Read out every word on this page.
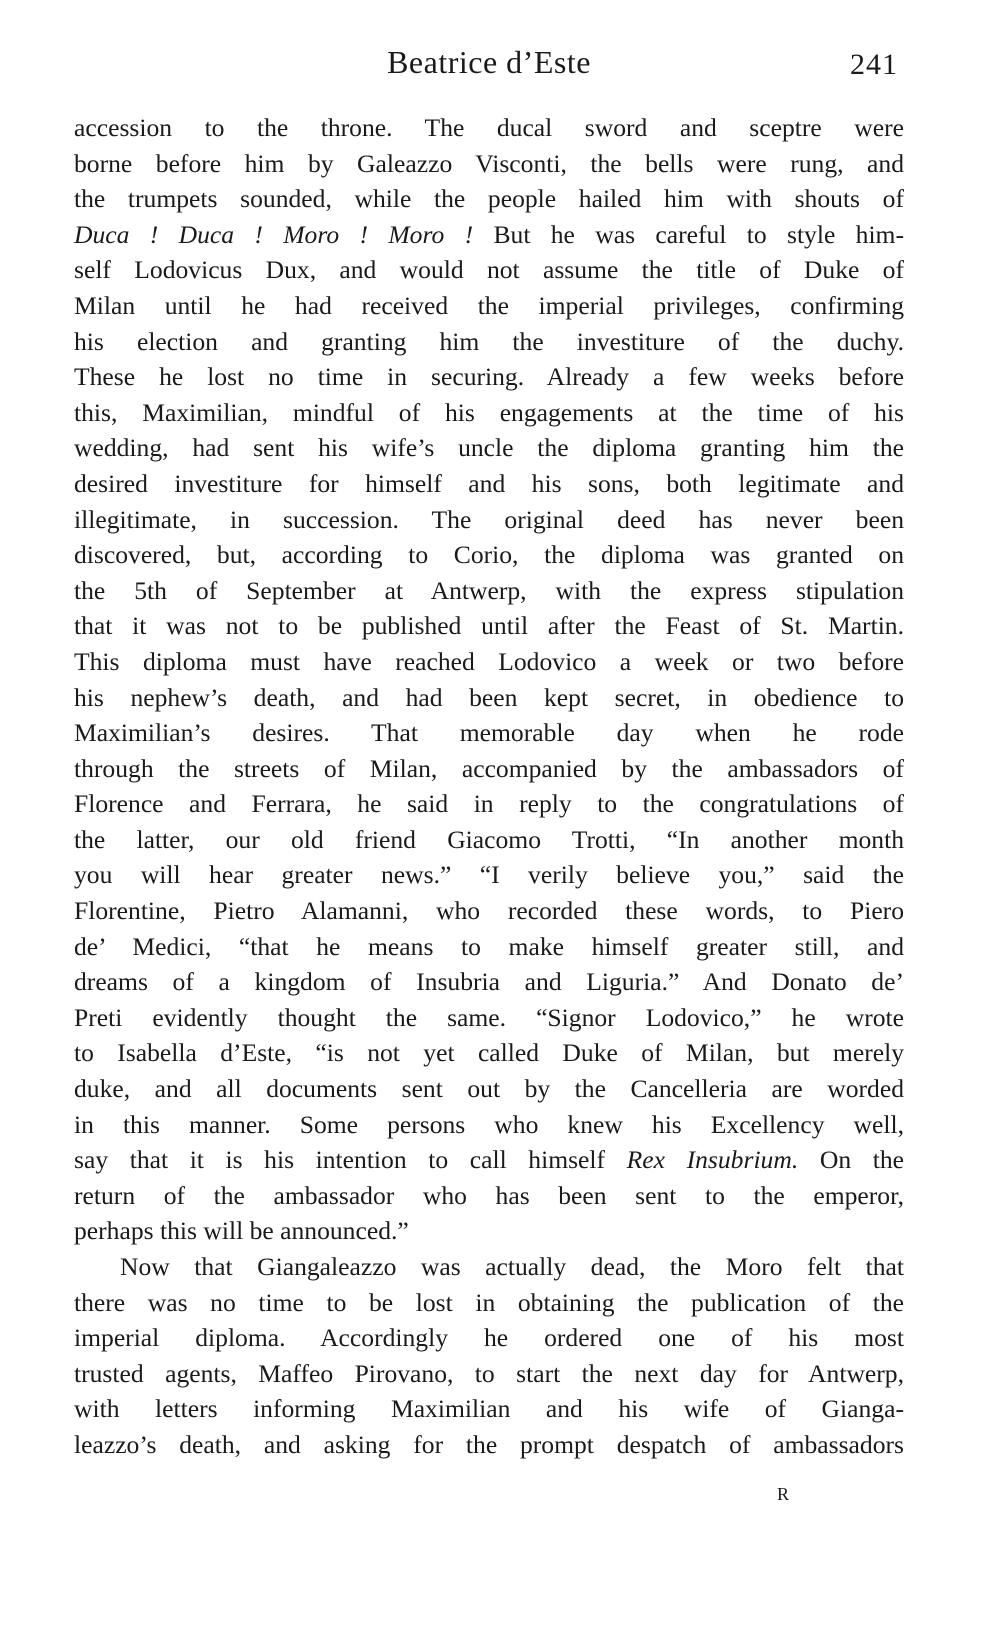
Beatrice d’Este	241
accession to the throne. The ducal sword and sceptre were
borne before him by Galeazzo Visconti, the bells were rung, and
the trumpets sounded, while the people hailed him with shouts of
Duca ! Duca ! Moro ! Moro ! But he was careful to style him-
self Lodovicus Dux, and would not assume the title of Duke of
Milan until he had received the imperial privileges, confirming
his election and granting him the investiture of the duchy.
These he lost no time in securing. Already a few weeks before
this, Maximilian, mindful of his engagements at the time of his
wedding, had sent his wife’s uncle the diploma granting him the
desired investiture for himself and his sons, both legitimate and
illegitimate, in succession. The original deed has never been
discovered, but, according to Corio, the diploma was granted on
the 5th of September at Antwerp, with the express stipulation
that it was not to be published until after the Feast of St. Martin.
This diploma must have reached Lodovico a week or two before
his nephew’s death, and had been kept secret, in obedience to
Maximilian’s desires. That memorable day when he rode
through the streets of Milan, accompanied by the ambassadors of
Florence and Ferrara, he said in reply to the congratulations of
the latter, our old friend Giacomo Trotti, “In another month
you will hear greater news.” “I verily believe you,” said the
Florentine, Pietro Alamanni, who recorded these words, to Piero
de’ Medici, “that he means to make himself greater still, and
dreams of a kingdom of Insubria and Liguria.” And Donato de’
Preti evidently thought the same. “Signor Lodovico,” he wrote
to Isabella d’Este, “is not yet called Duke of Milan, but merely
duke, and all documents sent out by the Cancelleria are worded
in this manner. Some persons who knew his Excellency well,
say that it is his intention to call himself Rex Insubrium. On the
return of the ambassador who has been sent to the emperor,
perhaps this will be announced.”
Now that Giangaleazzo was actually dead, the Moro felt that
there was no time to be lost in obtaining the publication of the
imperial diploma. Accordingly he ordered one of his most
trusted agents, Maffeo Pirovano, to start the next day for Antwerp,
with letters informing Maximilian and his wife of Gianga-
leazzo’s death, and asking for the prompt despatch of ambassadors
R
